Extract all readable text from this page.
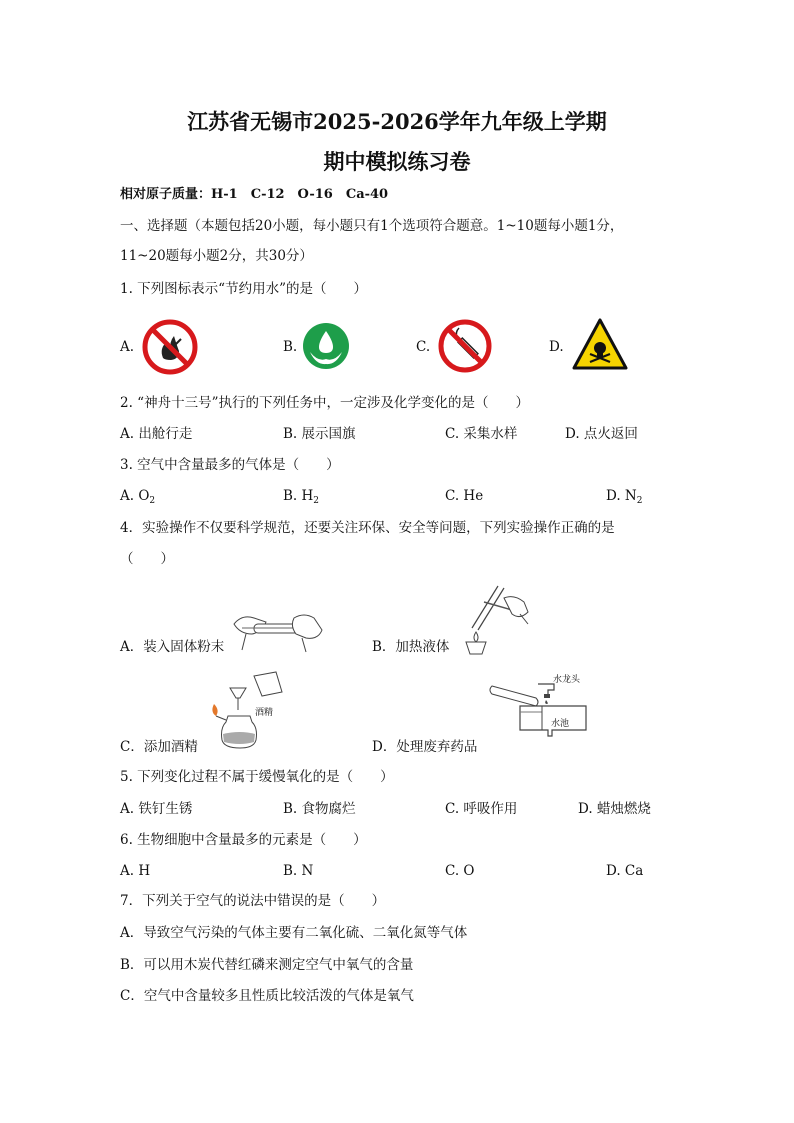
江苏省无锡市2025-2026学年九年级上学期
期中模拟练习卷
相对原子质量：H-1　C-12　O-16　Ca-40
一、选择题（本题包括20小题，每小题只有1个选项符合题意。1~10题每小题1分，
11~20题每小题2分，共30分）
1. 下列图标表示“节约用水”的是（　　）
A.	B.	C.	D.
2. “神舟十三号”执行的下列任务中，一定涉及化学变化的是（　　）
A. 出舱行走	B. 展示国旗	C. 采集水样	D. 点火返回
3. 空气中含量最多的气体是（　　）
A. $O_2$	B. $H_2$	C. He	D. $N_2$
4．实验操作不仅要科学规范，还要关注环保、安全等问题，下列实验操作正确的是
（　　）
A．装入固体粉末	B．加热液体
酒精
C．添加酒精
水龙头
水池
D．处理废弃药品
5. 下列变化过程不属于缓慢氧化的是（　　）
A. 铁钉生锈	B. 食物腐烂	C. 呼吸作用	D. 蜡烛燃烧
6. 生物细胞中含量最多的元素是（　　）
A. H	B. N	C. O	D. Ca
7．下列关于空气的说法中错误的是（　　）
A．导致空气污染的气体主要有二氧化硫、二氧化氮等气体
B．可以用木炭代替红磷来测定空气中氧气的含量
C．空气中含量较多且性质比较活泼的气体是氧气
